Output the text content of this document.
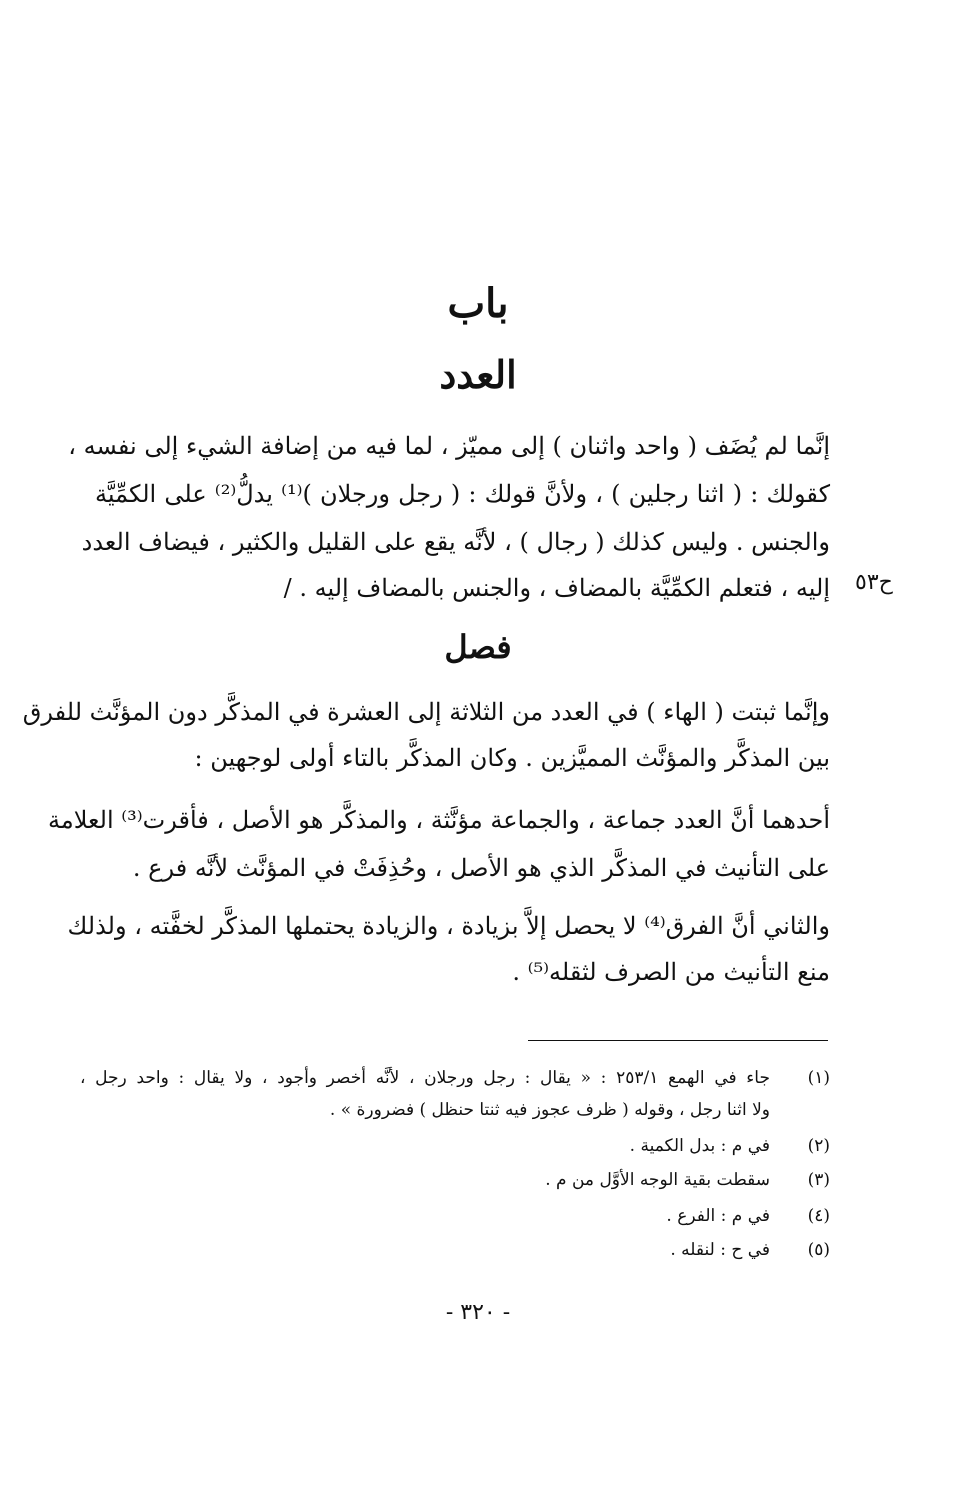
باب
العدد
إنَّما لم يُضَف ( واحد واثنان ) إلى مميّز ، لما فيه من إضافة الشيء إلى نفسه ،
كقولك : ( اثنا رجلين ) ، ولأنَّ قولك : ( رجل ورجلان )⁽¹⁾ يدلُّ⁽²⁾ على الكمِّيَّة
والجنس . وليس كذلك ( رجال ) ، لأنَّه يقع على القليل والكثير ، فيضاف العدد
إليه ، فتعلم الكمِّيَّة بالمضاف ، والجنس بالمضاف إليه . / ح٥٣
فصل
وإنَّما ثبتت ( الهاء ) في العدد من الثلاثة إلى العشرة في المذكَّر دون المؤنَّث للفرق
بين المذكَّر والمؤنَّث المميَّزين . وكان المذكَّر بالتاء أولى لوجهين :
أحدهما أنَّ العدد جماعة ، والجماعة مؤنَّثة ، والمذكَّر هو الأصل ، فأقرت⁽³⁾ العلامة
على التأنيث في المذكَّر الذي هو الأصل ، وحُذِفَتْ في المؤنَّث لأنَّه فرع .
والثاني أنَّ الفرق⁽⁴⁾ لا يحصل إلاَّ بزيادة ، والزيادة يحتملها المذكَّر لخفَّته ، ولذلك
منع التأنيث من الصرف لثقله⁽⁵⁾ .
(١)
جاء في الهمع ٢٥٣/١ : « يقال : رجل ورجلان ، لأنَّه أخصر وأجود ، ولا يقال : واحد رجل ،
ولا اثنا رجل ، وقوله ( ظرف عجوز فيه ثنتا حنظل ) فضرورة » .
(٢)
في م : بدل الكمية .
(٣)
سقطت بقية الوجه الأوَّل من م .
(٤)
في م : الفرع .
(٥)
في ح : لنقله .
- ٣٢٠ -
